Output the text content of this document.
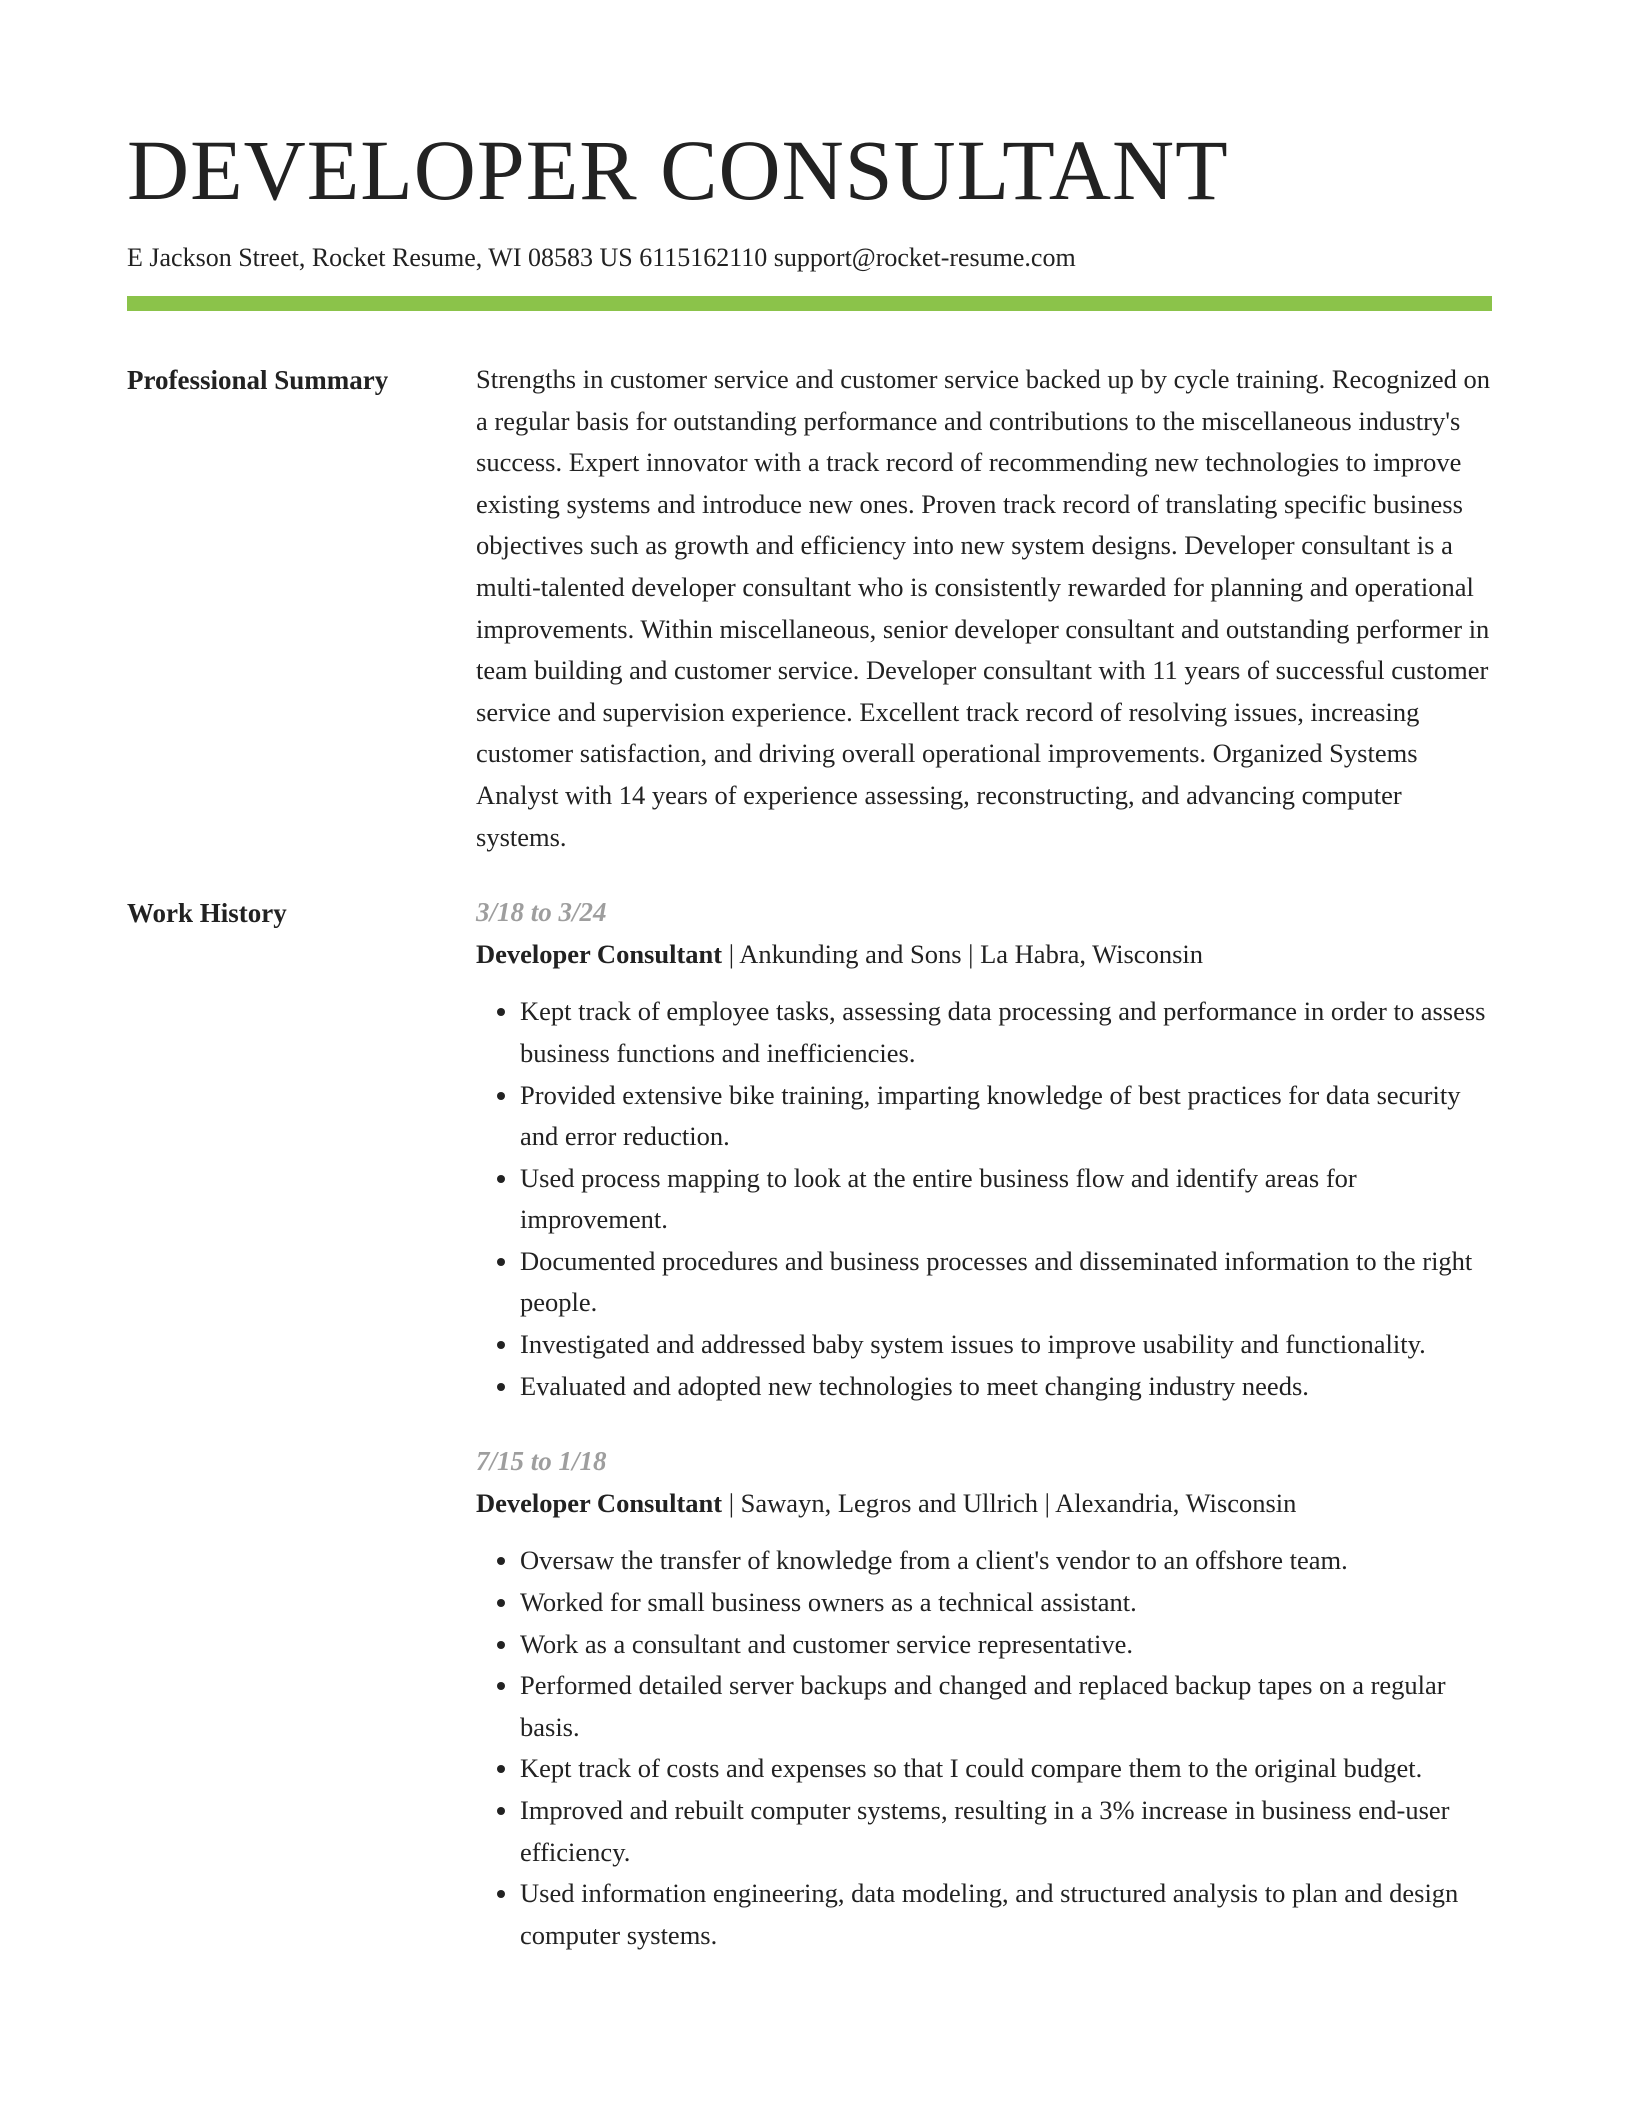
DEVELOPER CONSULTANT
E Jackson Street, Rocket Resume, WI 08583 US 6115162110 support@rocket-resume.com
Professional Summary	Strengths in customer service and customer service backed up by cycle training. Recognized on a regular basis for outstanding performance and contributions to the miscellaneous industry's success. Expert innovator with a track record of recommending new technologies to improve existing systems and introduce new ones. Proven track record of translating specific business objectives such as growth and efficiency into new system designs. Developer consultant is a multi-talented developer consultant who is consistently rewarded for planning and operational improvements. Within miscellaneous, senior developer consultant and outstanding performer in team building and customer service. Developer consultant with 11 years of successful customer service and supervision experience. Excellent track record of resolving issues, increasing customer satisfaction, and driving overall operational improvements. Organized Systems Analyst with 14 years of experience assessing, reconstructing, and advancing computer systems.

Work History	3/18 to 3/24
Developer Consultant | Ankunding and Sons | La Habra, Wisconsin
• Kept track of employee tasks, assessing data processing and performance in order to assess business functions and inefficiencies.
• Provided extensive bike training, imparting knowledge of best practices for data security and error reduction.
• Used process mapping to look at the entire business flow and identify areas for improvement.
• Documented procedures and business processes and disseminated information to the right people.
• Investigated and addressed baby system issues to improve usability and functionality.
• Evaluated and adopted new technologies to meet changing industry needs.
7/15 to 1/18
Developer Consultant | Sawayn, Legros and Ullrich | Alexandria, Wisconsin
• Oversaw the transfer of knowledge from a client's vendor to an offshore team.
• Worked for small business owners as a technical assistant.
• Work as a consultant and customer service representative.
• Performed detailed server backups and changed and replaced backup tapes on a regular basis.
• Kept track of costs and expenses so that I could compare them to the original budget.
• Improved and rebuilt computer systems, resulting in a 3% increase in business end-user efficiency.
• Used information engineering, data modeling, and structured analysis to plan and design computer systems.
